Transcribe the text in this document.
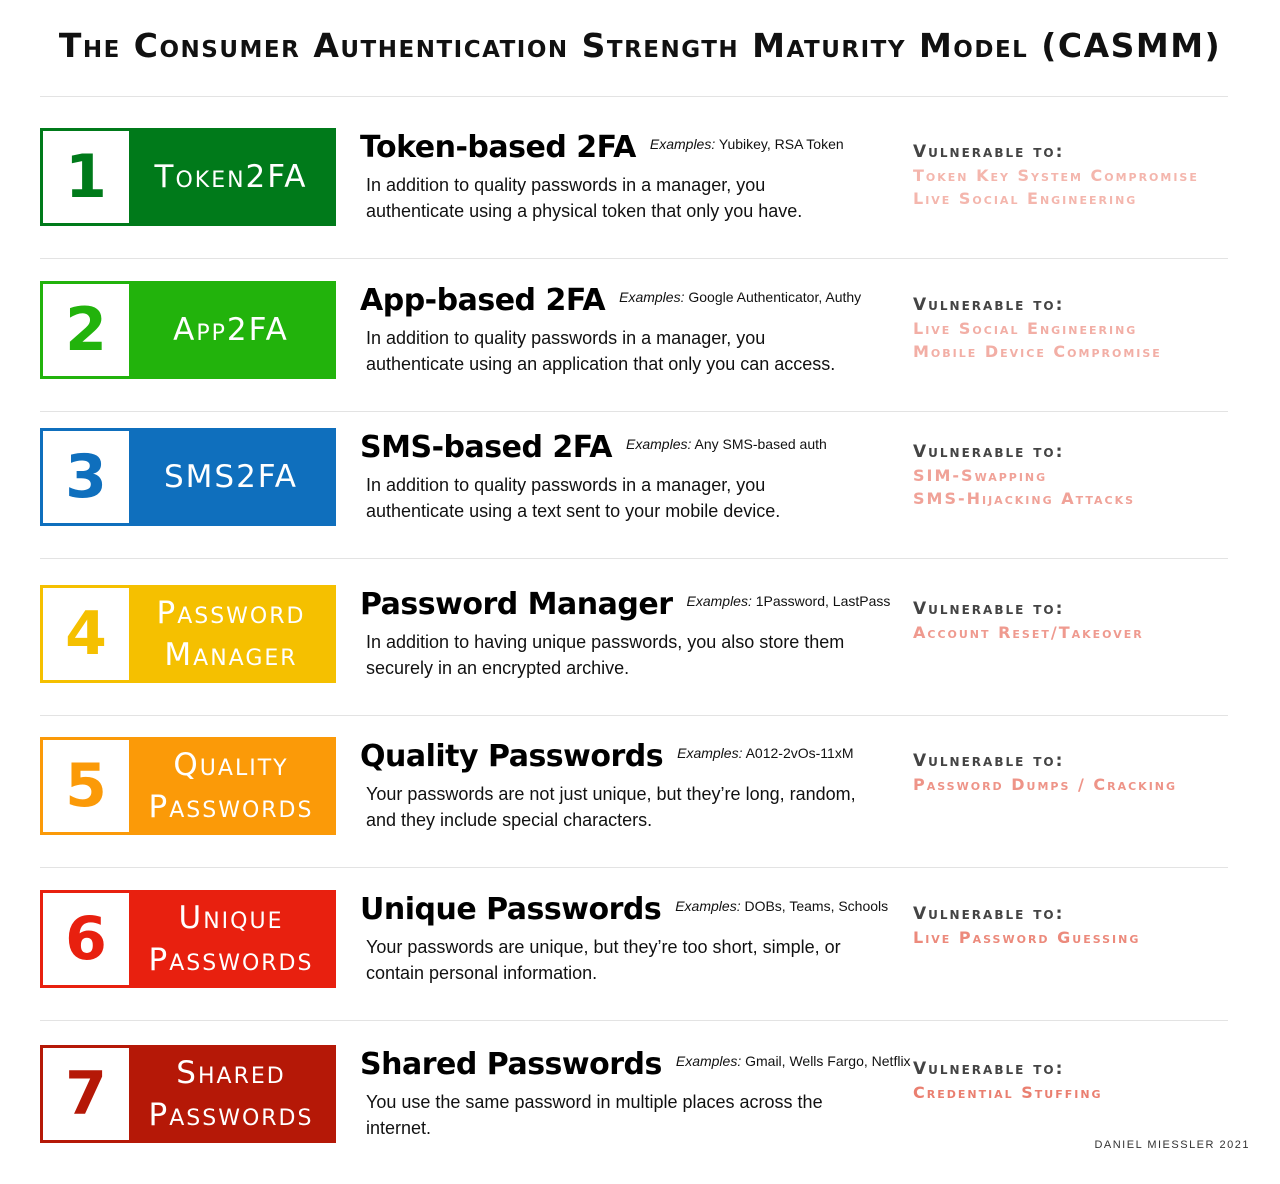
The Consumer Authentication Strength Maturity Model (CASMM)
1	Token2FA
Token-based 2FA Examples: Yubikey, RSA Token
In addition to quality passwords in a manager, you authenticate using a physical token that only you have.
Vulnerable to:
Token Key System Compromise
Live Social Engineering
2	App2FA
App-based 2FA Examples: Google Authenticator, Authy
In addition to quality passwords in a manager, you authenticate using an application that only you can access.
Vulnerable to:
Live Social Engineering
Mobile Device Compromise
3	SMS2FA
SMS-based 2FA Examples: Any SMS-based auth
In addition to quality passwords in a manager, you authenticate using a text sent to your mobile device.
Vulnerable to:
SIM-Swapping
SMS-Hijacking Attacks
4	Password
Manager
Password Manager Examples: 1Password, LastPass
In addition to having unique passwords, you also store them securely in an encrypted archive.
Vulnerable to:
Account Reset/Takeover
5	Quality
Passwords
Quality Passwords Examples: A012-2vOs-11xM
Your passwords are not just unique, but they’re long, random, and they include special characters.
Vulnerable to:
Password Dumps / Cracking
6	Unique
Passwords
Unique Passwords Examples: DOBs, Teams, Schools
Your passwords are unique, but they’re too short, simple, or contain personal information.
Vulnerable to:
Live Password Guessing
7	Shared
Passwords
Shared Passwords Examples: Gmail, Wells Fargo, Netflix
You use the same password in multiple places across the internet.
Vulnerable to:
Credential Stuffing
DANIEL MIESSLER 2021
